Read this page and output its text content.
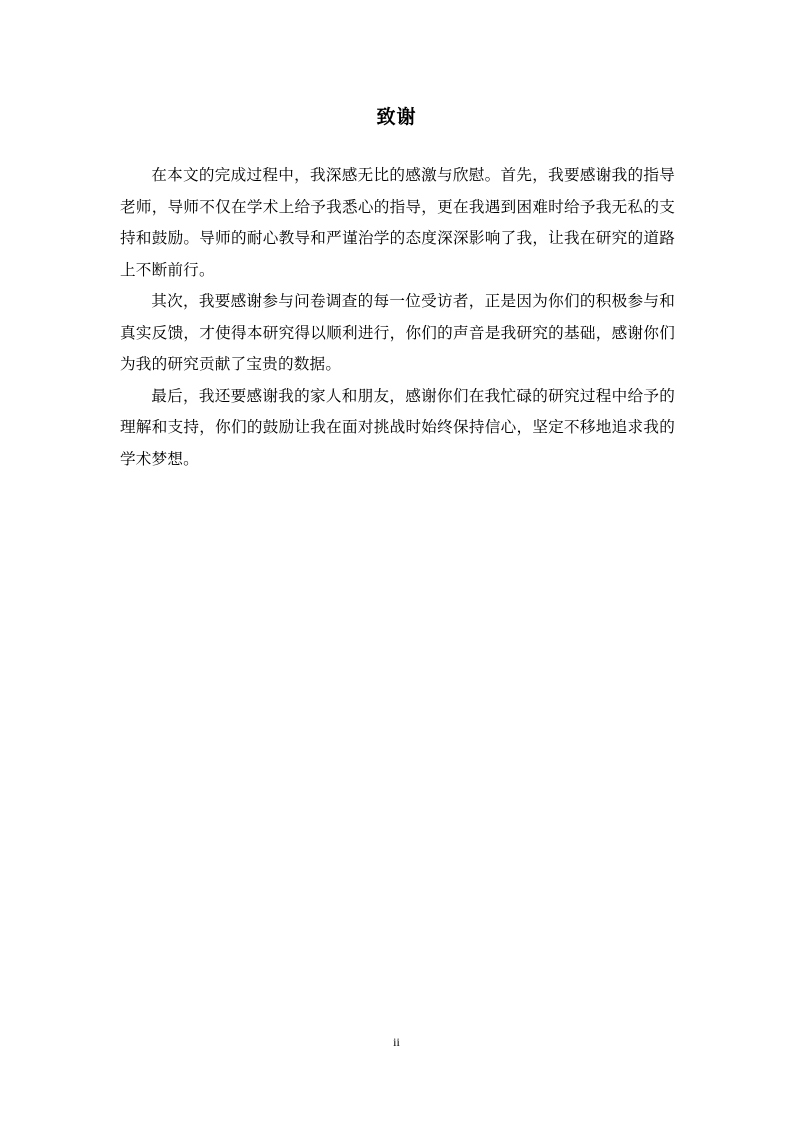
致谢

在本文的完成过程中，我深感无比的感激与欣慰。首先，我要感谢我的指导老师，导师不仅在学术上给予我悉心的指导，更在我遇到困难时给予我无私的支持和鼓励。导师的耐心教导和严谨治学的态度深深影响了我，让我在研究的道路上不断前行。

其次，我要感谢参与问卷调查的每一位受访者，正是因为你们的积极参与和真实反馈，才使得本研究得以顺利进行，你们的声音是我研究的基础，感谢你们为我的研究贡献了宝贵的数据。

最后，我还要感谢我的家人和朋友，感谢你们在我忙碌的研究过程中给予的理解和支持，你们的鼓励让我在面对挑战时始终保持信心，坚定不移地追求我的学术梦想。

ii
